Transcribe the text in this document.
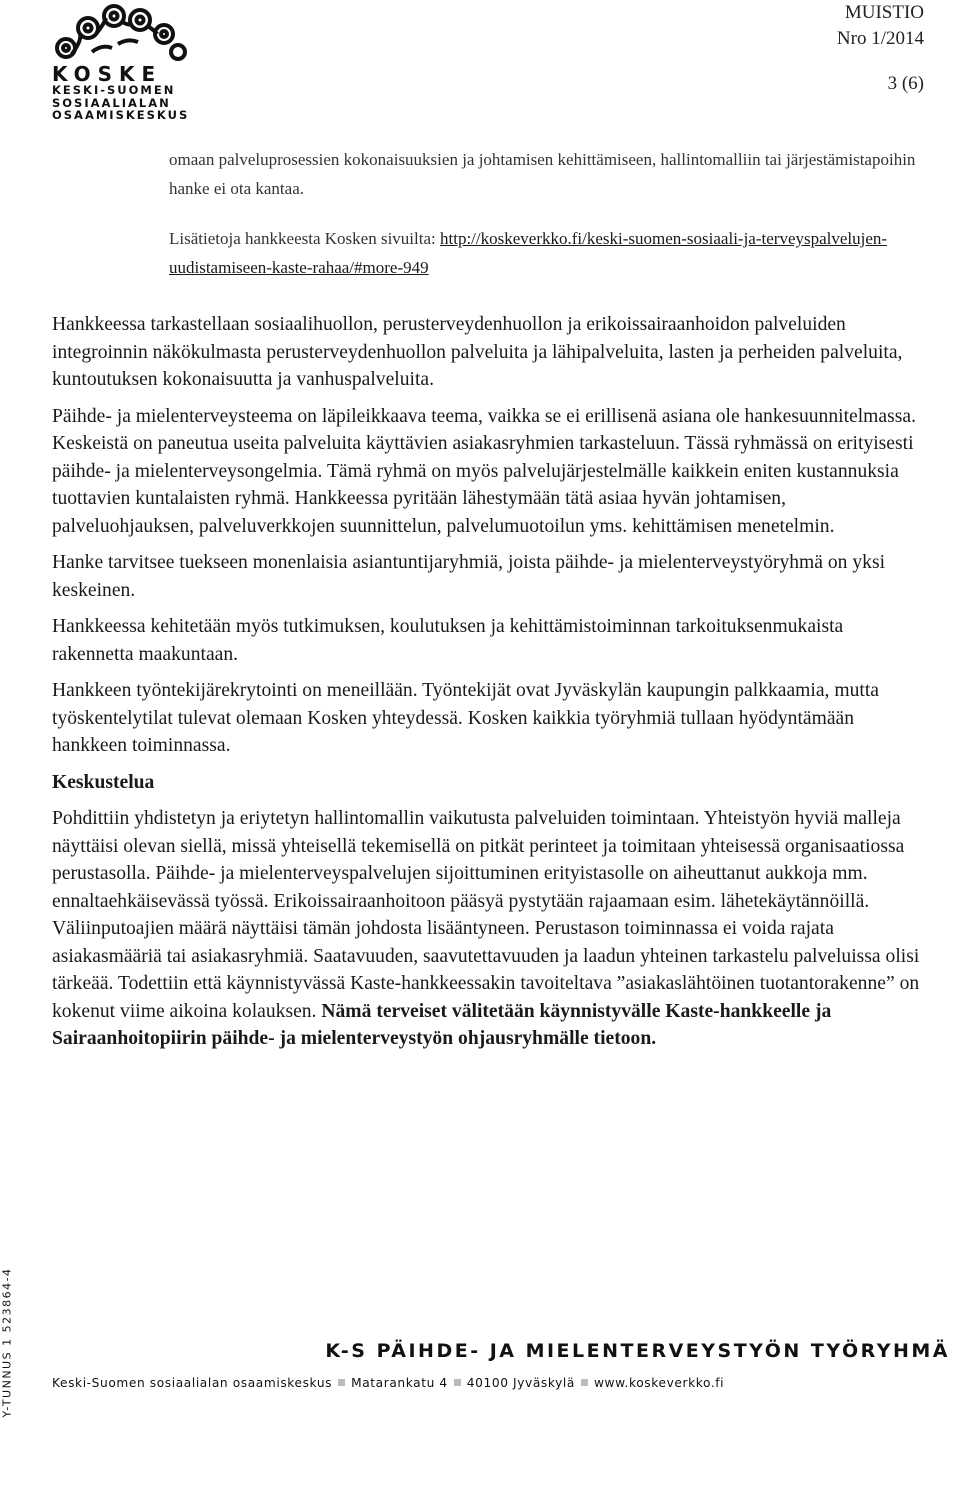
KOSKE
KESKI-SUOMEN
SOSIAALIALAN
OSAAMISKESKUS
MUISTIO
Nro 1/2014
3 (6)

omaan palveluprosessien kokonaisuuksien ja johtamisen kehittämiseen, hallintomalliin tai järjestämistapoihin hanke ei ota kantaa.

Lisätietoja hankkeesta Kosken sivuilta: http://koskeverkko.fi/keski-suomen-sosiaali-ja-terveyspalvelujen-uudistamiseen-kaste-rahaa/#more-949

Hankkeessa tarkastellaan sosiaalihuollon, perusterveydenhuollon ja erikoissairaanhoidon palveluiden integroinnin näkökulmasta perusterveydenhuollon palveluita ja lähipalveluita, lasten ja perheiden palveluita, kuntoutuksen kokonaisuutta ja vanhuspalveluita.

Päihde- ja mielenterveysteema on läpileikkaava teema, vaikka se ei erillisenä asiana ole hankesuunnitelmassa. Keskeistä on paneutua useita palveluita käyttävien asiakasryhmien tarkasteluun. Tässä ryhmässä on erityisesti päihde- ja mielenterveysongelmia. Tämä ryhmä on myös palvelujärjestelmälle kaikkein eniten kustannuksia tuottavien kuntalaisten ryhmä. Hankkeessa pyritään lähestymään tätä asiaa hyvän johtamisen, palveluohjauksen, palveluverkkojen suunnittelun, palvelumuotoilun yms. kehittämisen menetelmin.

Hanke tarvitsee tuekseen monenlaisia asiantuntijaryhmiä, joista päihde- ja mielenterveystyöryhmä on yksi keskeinen.

Hankkeessa kehitetään myös tutkimuksen, koulutuksen ja kehittämistoiminnan tarkoituksenmukaista rakennetta maakuntaan.

Hankkeen työntekijärekrytointi on meneillään. Työntekijät ovat Jyväskylän kaupungin palkkaamia, mutta työskentelytilat tulevat olemaan Kosken yhteydessä. Kosken kaikkia työryhmiä tullaan hyödyntämään hankkeen toiminnassa.

Keskustelua

Pohdittiin yhdistetyn ja eriytetyn hallintomallin vaikutusta palveluiden toimintaan. Yhteistyön hyviä malleja näyttäisi olevan siellä, missä yhteisellä tekemisellä on pitkät perinteet ja toimitaan yhteisessä organisaatiossa perustasolla. Päihde- ja mielenterveyspalvelujen sijoittuminen erityistasolle on aiheuttanut aukkoja mm. ennaltaehkäisevässä työssä. Erikoissairaanhoitoon pääsyä pystytään rajaamaan esim. lähetekäytännöillä. Väliinputoajien määrä näyttäisi tämän johdosta lisääntyneen. Perustason toiminnassa ei voida rajata asiakasmääriä tai asiakasryhmiä. Saatavuuden, saavutettavuuden ja laadun yhteinen tarkastelu palveluissa olisi tärkeää. Todettiin että käynnistyvässä Kaste-hankkeessakin tavoiteltava ”asiakaslähtöinen tuotantorakenne” on kokenut viime aikoina kolauksen. Nämä terveiset välitetään käynnistyvälle Kaste-hankkeelle ja Sairaanhoitopiirin päihde- ja mielenterveystyön ohjausryhmälle tietoon.

Y-TUNNUS 1 523864-4	K-S PÄIHDE- JA MIELENTERVEYSTYÖN TYÖRYHMÄ
Keski-Suomen sosiaalialan osaamiskeskus Matarankatu 4 40100 Jyväskylä www.koskeverkko.fi
